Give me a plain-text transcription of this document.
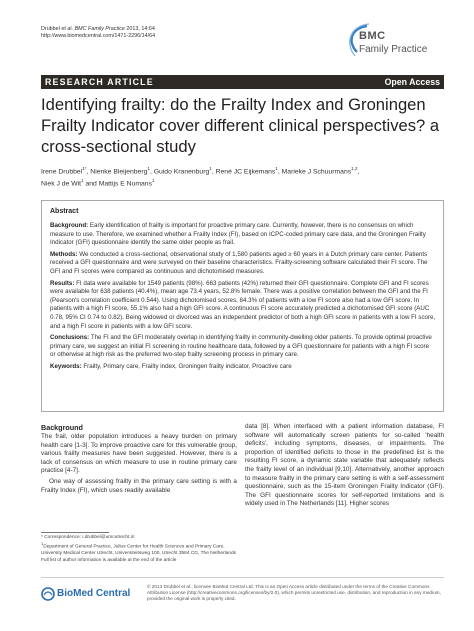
Drubbel et al. BMC Family Practice 2013, 14:64
http://www.biomedcentral.com/1471-2296/14/64	BMC
Family Practice
RESEARCH ARTICLE	Open Access
Identifying frailty: do the Frailty Index and Groningen Frailty Indicator cover different clinical perspectives? a cross-sectional study
Irene Drubbel$^{1*}$, Nienke Bleijenberg$^1$, Guido Kranenburg$^1$, René JC Eijkemans$^1$, Marieke J Schuurmans$^{1,2}$,
Niek J de Wit$^1$ and Mattijs E Numans$^1$
Abstract

Background: Early identification of frailty is important for proactive primary care. Currently, however, there is no consensus on which measure to use. Therefore, we examined whether a Frailty Index (FI), based on ICPC-coded primary care data, and the Groningen Frailty Indicator (GFI) questionnaire identify the same older people as frail.

Methods: We conducted a cross-sectional, observational study of 1,580 patients aged ≥ 60 years in a Dutch primary care center. Patients received a GFI questionnaire and were surveyed on their baseline characteristics. Frailty-screening software calculated their FI score. The GFI and FI scores were compared as continuous and dichotomised measures.

Results: FI data were available for 1549 patients (98%). 663 patients (42%) returned their GFI questionnaire. Complete GFI and FI scores were available for 638 patients (40.4%), mean age 73.4 years, 52.8% female. There was a positive correlation between the GFI and the FI (Pearson's correlation coefficient 0.544). Using dichotomised scores, 84.3% of patients with a low FI score also had a low GFI score. In patients with a high FI score, 55.1% also had a high GFI score. A continuous FI score accurately predicted a dichotomised GFI score (AUC 0.78, 95% CI 0.74 to 0.82). Being widowed or divorced was an independent predictor of both a high GFI score in patients with a low FI score, and a high FI score in patients with a low GFI score.

Conclusions: The FI and the GFI moderately overlap in identifying frailty in community-dwelling older patients. To provide optimal proactive primary care, we suggest an initial FI screening in routine healthcare data, followed by a GFI questionnaire for patients with a high FI score or otherwise at high risk as the preferred two-step frailty screening process in primary care.

Keywords: Frailty, Primary care, Frailty index, Groningen frailty indicator, Proactive care

Background

The frail, older population introduces a heavy burden on primary health care [1-3]. To improve proactive care for this vulnerable group, various frailty measures have been suggested. However, there is a lack of consensus on which measure to use in routine primary care practice [4-7].

One way of assessing frailty in the primary care setting is with a Frailty Index (FI), which uses readily available

data [8]. When interfaced with a patient information database, FI software will automatically screen patients for so-called 'health deficits', including symptoms, diseases, or impairments. The proportion of identified deficits to those in the predefined list is the resulting FI score, a dynamic state variable that adequately reflects the frailty level of an individual [9,10]. Alternatively, another approach to measure frailty in the primary care setting is with a self-assessment questionnaire, such as the 15-item Groningen Frailty Indicator (GFI). The GFI questionnaire scores for self-reported limitations and is widely used in The Netherlands [11]. Higher scores
* Correspondence: i.drubbel@umcutrecht.nl
$^1$Department of General Practice, Julius Center for Health Sciences and Primary Care, University Medical Center Utrecht, Universiteitsweg 100, Utrecht 3584 CG, The Netherlands
Full list of author information is available at the end of the article
BioMed Central
© 2013 Drubbel et al.; licensee BioMed Central Ltd. This is an Open Access article distributed under the terms of the Creative Commons Attribution License (http://creativecommons.org/licenses/by/2.0), which permits unrestricted use, distribution, and reproduction in any medium, provided the original work is properly cited.
